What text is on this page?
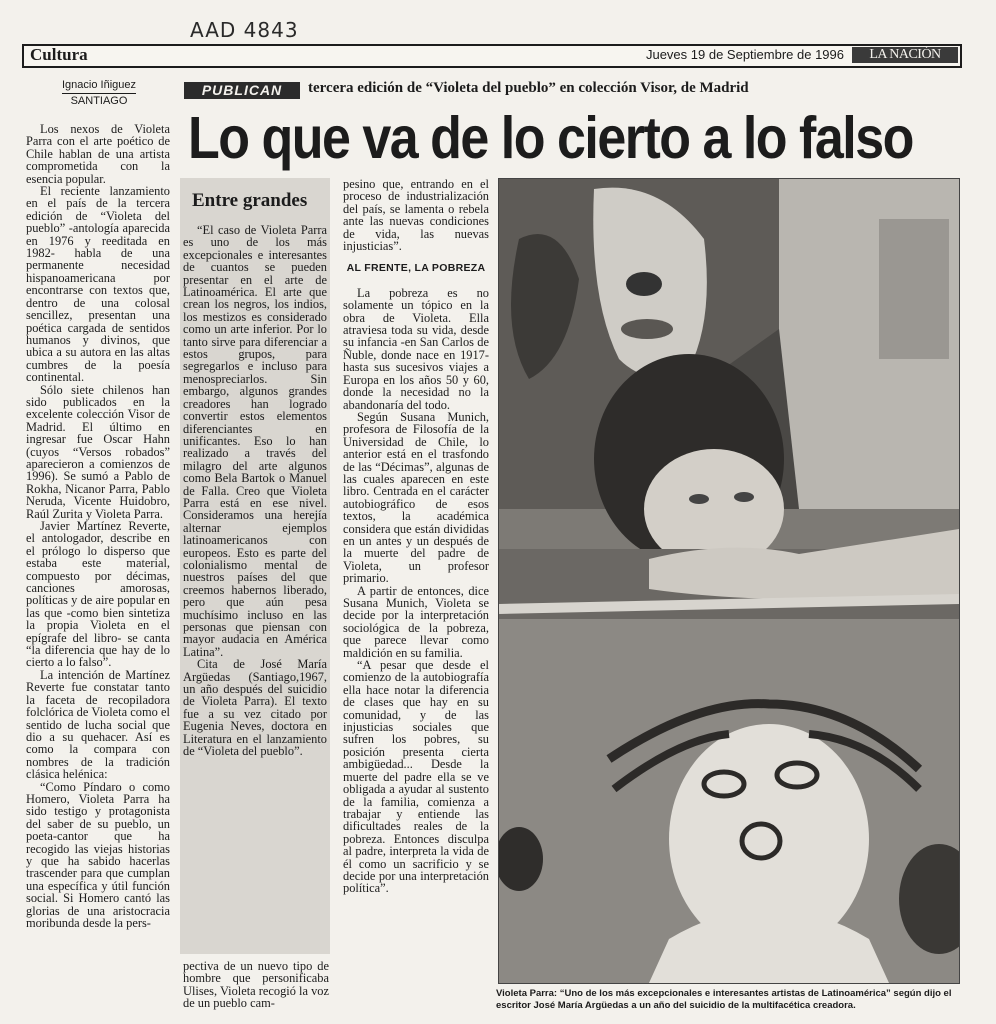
AAD 4843
Cultura	Jueves 19 de Septiembre de 1996	LA NACIÓN
Ignacio Iñiguez
SANTIAGO
PUBLICAN	tercera edición de “Violeta del pueblo” en colección Visor, de Madrid
Lo que va de lo cierto a lo falso

Los nexos de Violeta Parra con el arte poético de Chile hablan de una artista comprometida con la esencia popular.

El reciente lanzamiento en el país de la tercera edición de “Violeta del pueblo” -antología aparecida en 1976 y reeditada en 1982- habla de una permanente necesidad hispanoamericana por encontrarse con textos que, dentro de una colosal sencillez, presentan una poética cargada de sentidos humanos y divinos, que ubica a su autora en las altas cumbres de la poesía continental.

Sólo siete chilenos han sido publicados en la excelente colección Visor de Madrid. El último en ingresar fue Oscar Hahn (cuyos “Versos robados” aparecieron a comienzos de 1996). Se sumó a Pablo de Rokha, Nicanor Parra, Pablo Neruda, Vicente Huidobro, Raúl Zurita y Violeta Parra.

Javier Martínez Reverte, el antologador, describe en el prólogo lo disperso que estaba este material, compuesto por décimas, canciones amorosas, políticas y de aire popular en las que -como bien sintetiza la propia Violeta en el epígrafe del libro- se canta “la diferencia que hay de lo cierto a lo falso”.

La intención de Martínez Reverte fue constatar tanto la faceta de recopiladora folclórica de Violeta como el sentido de lucha social que dio a su quehacer. Así es como la compara con nombres de la tradición clásica helénica:

“Como Píndaro o como Homero, Violeta Parra ha sido testigo y protagonista del saber de su pueblo, un poeta-cantor que ha recogido las viejas historias y que ha sabido hacerlas trascender para que cumplan una específica y útil función social. Si Homero cantó las glorias de una aristocracia moribunda desde la pers-

Entre grandes

“El caso de Violeta Parra es uno de los más excepcionales e interesantes de cuantos se pueden presentar en el arte de Latinoamérica. El arte que crean los negros, los indios, los mestizos es considerado como un arte inferior. Por lo tanto sirve para diferenciar a estos grupos, para segregarlos e incluso para menospreciarlos. Sin embargo, algunos grandes creadores han logrado convertir estos elementos diferenciantes en unificantes. Eso lo han realizado a través del milagro del arte algunos como Bela Bartok o Manuel de Falla. Creo que Violeta Parra está en ese nivel. Consideramos una herejía alternar ejemplos latinoamericanos con europeos. Esto es parte del colonialismo mental de nuestros países del que creemos habernos liberado, pero que aún pesa muchísimo incluso en las personas que piensan con mayor audacia en América Latina”.

Cita de José María Argüedas (Santiago,1967, un año después del suicidio de Violeta Parra). El texto fue a su vez citado por Eugenia Neves, doctora en Literatura en el lanzamiento de “Violeta del pueblo”.

pectiva de un nuevo tipo de hombre que personificaba Ulises, Violeta recogió la voz de un pueblo cam-

pesino que, entrando en el proceso de industrialización del país, se lamenta o rebela ante las nuevas condiciones de vida, las nuevas injusticias”.

AL FRENTE, LA POBREZA

La pobreza es no solamente un tópico en la obra de Violeta. Ella atraviesa toda su vida, desde su infancia -en San Carlos de Ñuble, donde nace en 1917- hasta sus sucesivos viajes a Europa en los años 50 y 60, donde la necesidad no la abandonaría del todo.

Según Susana Munich, profesora de Filosofía de la Universidad de Chile, lo anterior está en el trasfondo de las “Décimas”, algunas de las cuales aparecen en este libro. Centrada en el carácter autobiográfico de esos textos, la académica considera que están divididas en un antes y un después de la muerte del padre de Violeta, un profesor primario.

A partir de entonces, dice Susana Munich, Violeta se decide por la interpretación sociológica de la pobreza, que parece llevar como maldición en su familia.

“A pesar que desde el comienzo de la autobiografía ella hace notar la diferencia de clases que hay en su comunidad, y de las injusticias sociales que sufren los pobres, su posición presenta cierta ambigüedad... Desde la muerte del padre ella se ve obligada a ayudar al sustento de la familia, comienza a trabajar y entiende las dificultades reales de la pobreza. Entonces disculpa al padre, interpreta la vida de él como un sacrificio y se decide por una interpretación política”.

Violeta Parra: “Uno de los más excepcionales e interesantes artistas de Latinoamérica” según dijo el escritor José María Argüedas a un año del suicidio de la multifacética creadora.
